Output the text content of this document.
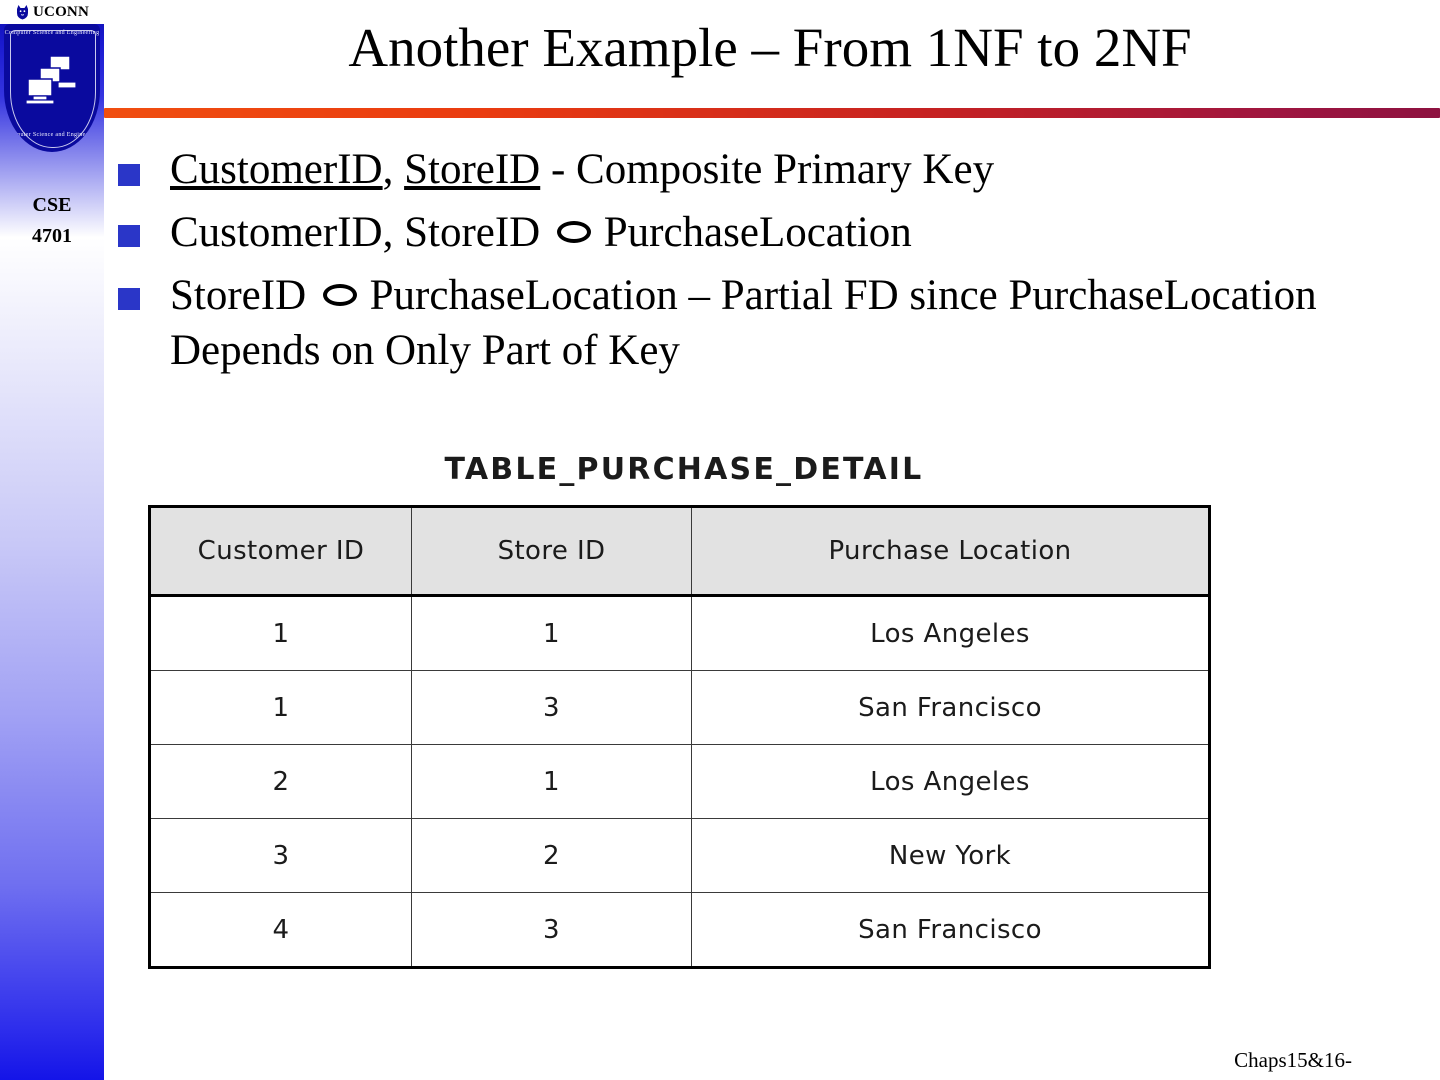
UCONN
Computer Science and Engineering
Computer Science and Engineering
CSE
4701
Another Example – From 1NF to 2NF
CustomerID, StoreID - Composite Primary Key
CustomerID, StoreID  PurchaseLocation
StoreID  PurchaseLocation – Partial FD since PurchaseLocation Depends on Only Part of Key
TABLE_PURCHASE_DETAIL
Customer ID	Store ID	Purchase Location
1	1	Los Angeles
1	3	San Francisco
2	1	Los Angeles
3	2	New York
4	3	San Francisco
Chaps15&16-
